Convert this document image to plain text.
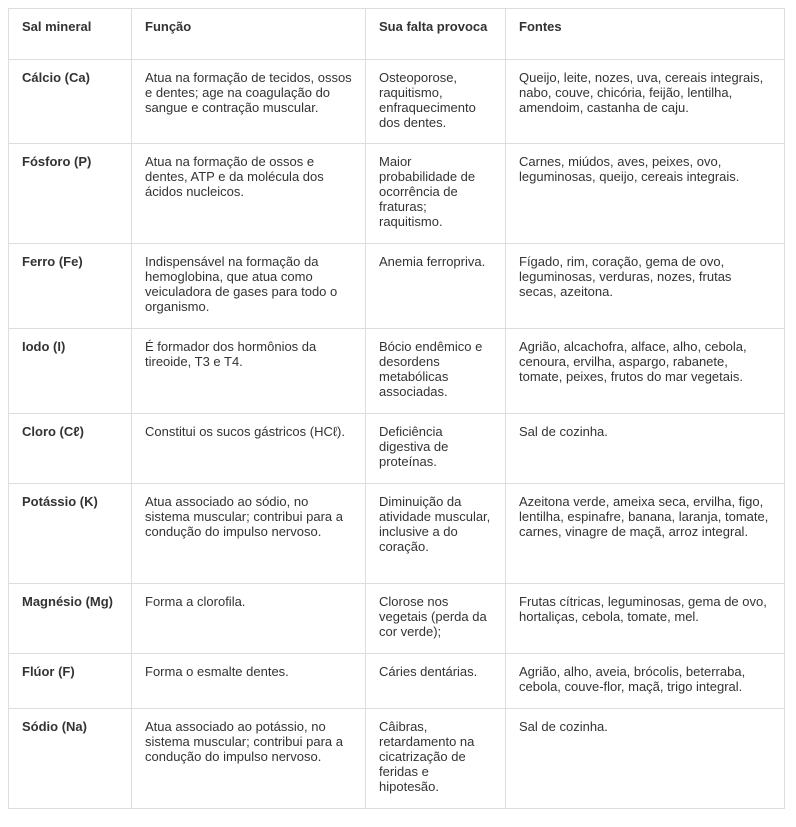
Sal mineral	Função	Sua falta provoca	Fontes
Cálcio (Ca)	Atua na formação de tecidos, ossos e dentes; age na coagulação do sangue e contração muscular.	Osteoporose, raquitismo, enfraquecimento dos dentes.	Queijo, leite, nozes, uva, cereais integrais, nabo, couve, chicória, feijão, lentilha, amendoim, castanha de caju.
Fósforo (P)	Atua na formação de ossos e dentes, ATP e da molécula dos ácidos nucleicos.	Maior probabilidade de ocorrência de fraturas; raquitismo.	Carnes, miúdos, aves, peixes, ovo, leguminosas, queijo, cereais integrais.
Ferro (Fe)	Indispensável na formação da hemoglobina, que atua como veiculadora de gases para todo o organismo.	Anemia ferropriva.	Fígado, rim, coração, gema de ovo, leguminosas, verduras, nozes, frutas secas, azeitona.
Iodo (I)	É formador dos hormônios da tireoide, T3 e T4.	Bócio endêmico e desordens metabólicas associadas.	Agrião, alcachofra, alface, alho, cebola, cenoura, ervilha, aspargo, rabanete, tomate, peixes, frutos do mar vegetais.
Cloro (Cℓ)	Constitui os sucos gástricos (HCℓ).	Deficiência digestiva de proteínas.	Sal de cozinha.
Potássio (K)	Atua associado ao sódio, no sistema muscular; contribui para a condução do impulso nervoso.	Diminuição da atividade muscular, inclusive a do coração.	Azeitona verde, ameixa seca, ervilha, figo, lentilha, espinafre, banana, laranja, tomate, carnes, vinagre de maçã, arroz integral.
Magnésio (Mg)	Forma a clorofila.	Clorose nos vegetais (perda da cor verde);	Frutas cítricas, leguminosas, gema de ovo, hortaliças, cebola, tomate, mel.
Flúor (F)	Forma o esmalte dentes.	Cáries dentárias.	Agrião, alho, aveia, brócolis, beterraba, cebola, couve-flor, maçã, trigo integral.
Sódio (Na)	Atua associado ao potássio, no sistema muscular; contribui para a condução do impulso nervoso.	Câibras, retardamento na cicatrização de feridas e hipotesão.	Sal de cozinha.
